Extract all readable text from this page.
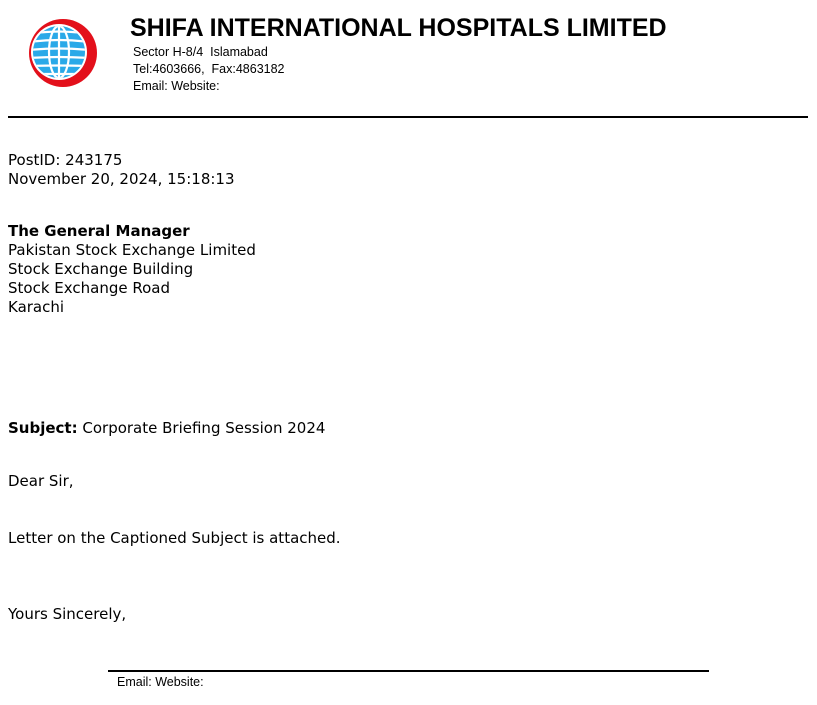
SHIFA INTERNATIONAL HOSPITALS LIMITED
Sector H-8/4  Islamabad
Tel:4603666,  Fax:4863182
Email: Website:
PostID: 243175
November 20, 2024, 15:18:13
The General Manager
Pakistan Stock Exchange Limited
Stock Exchange Building
Stock Exchange Road
Karachi
Subject: Corporate Briefing Session 2024
Dear Sir,
Letter on the Captioned Subject is attached.
Yours Sincerely,
Email: Website:
